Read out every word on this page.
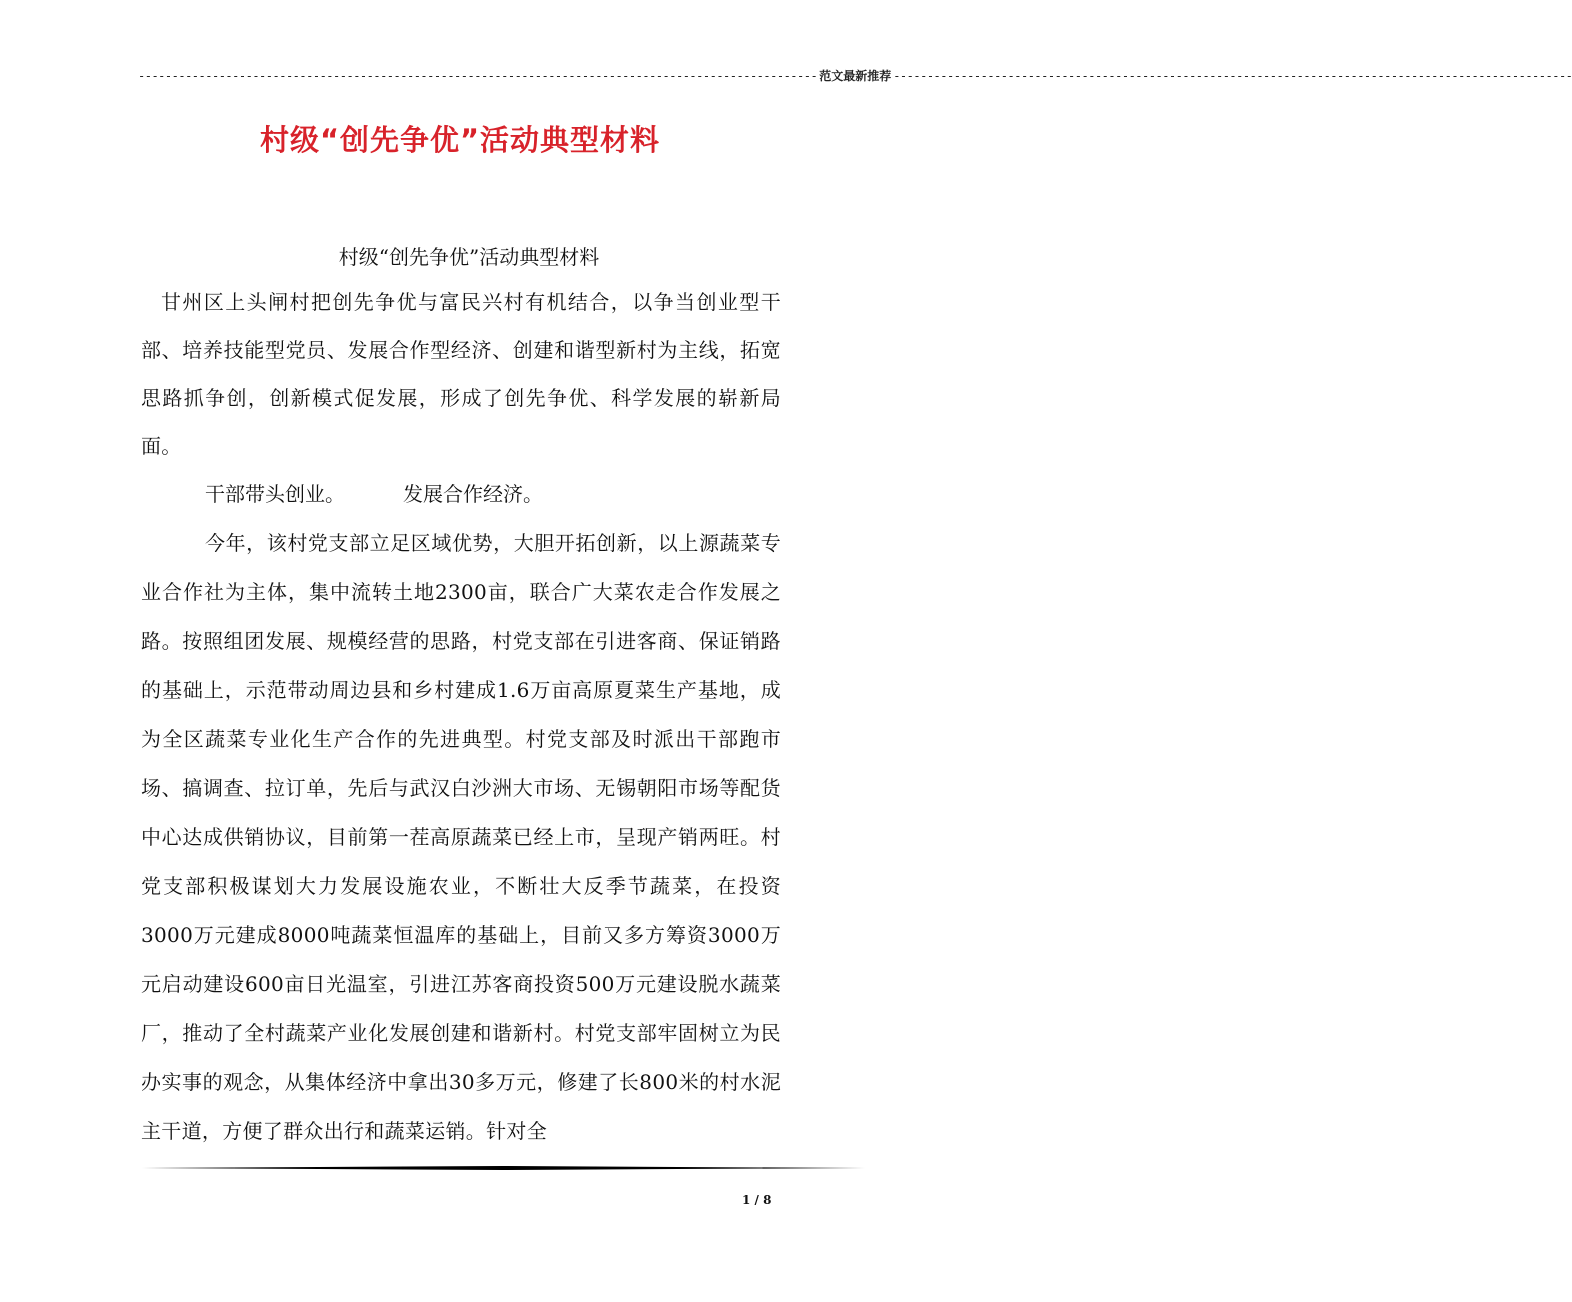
----------------------------------------------------------------------------------------------------- 范文最新推荐 -----------------------------------------------------------------------------------------------------
村级“创先争优”活动典型材料
村级“创先争优”活动典型材料

甘州区上头闸村把创先争优与富民兴村有机结合，以争当创业型干部、培养技能型党员、发展合作型经济、创建和谐型新村为主线，拓宽思路抓争创，创新模式促发展，形成了创先争优、科学发展的崭新局面。

干部带头创业。	发展合作经济。

今年，该村党支部立足区域优势，大胆开拓创新，以上源蔬菜专业合作社为主体，集中流转土地2300亩，联合广大菜农走合作发展之路。按照组团发展、规模经营的思路，村党支部在引进客商、保证销路的基础上，示范带动周边县和乡村建成1.6万亩高原夏菜生产基地，成为全区蔬菜专业化生产合作的先进典型。村党支部及时派出干部跑市场、搞调查、拉订单，先后与武汉白沙洲大市场、无锡朝阳市场等配货中心达成供销协议，目前第一茬高原蔬菜已经上市，呈现产销两旺。村党支部积极谋划大力发展设施农业，不断壮大反季节蔬菜，在投资3000万元建成8000吨蔬菜恒温库的基础上，目前又多方筹资3000万元启动建设600亩日光温室，引进江苏客商投资500万元建设脱水蔬菜厂，推动了全村蔬菜产业化发展创建和谐新村。村党支部牢固树立为民办实事的观念，从集体经济中拿出30多万元，修建了长800米的村水泥主干道，方便了群众出行和蔬菜运销。针对全

1 / 8
